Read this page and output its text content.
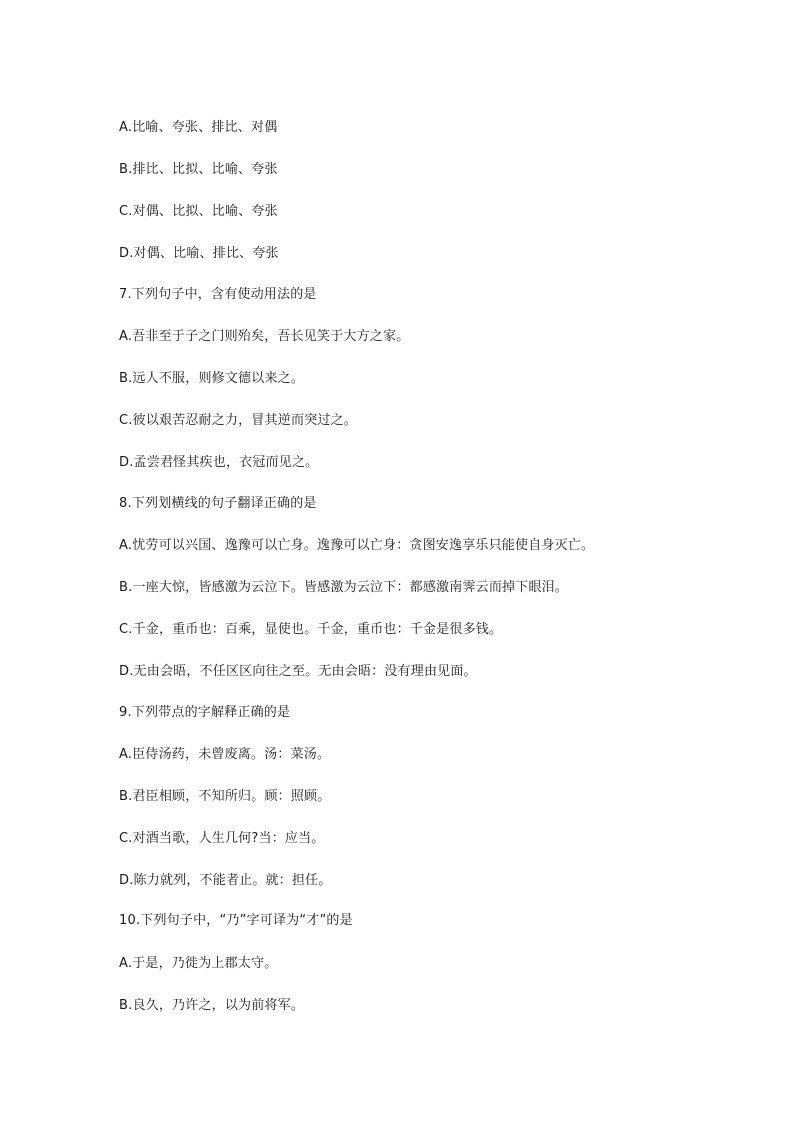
A.比喻、夸张、排比、对偶
B.排比、比拟、比喻、夸张
C.对偶、比拟、比喻、夸张
D.对偶、比喻、排比、夸张
7.下列句子中，含有使动用法的是
A.吾非至于子之门则殆矣，吾长见笑于大方之家。
B.远人不服，则修文德以来之。
C.彼以艰苦忍耐之力，冒其逆而突过之。
D.孟尝君怪其疾也，衣冠而见之。
8.下列划横线的句子翻译正确的是
A.忧劳可以兴国、逸豫可以亡身。逸豫可以亡身：贪图安逸享乐只能使自身灭亡。
B.一座大惊，皆感激为云泣下。皆感激为云泣下：都感激南霁云而掉下眼泪。
C.千金，重币也：百乘，显使也。千金，重币也：千金是很多钱。
D.无由会晤，不任区区向往之至。无由会晤：没有理由见面。
9.下列带点的字解释正确的是
A.臣侍汤药，未曾废离。汤：菜汤。
B.君臣相顾，不知所归。顾：照顾。
C.对酒当歌，人生几何?当：应当。
D.陈力就列，不能者止。就：担任。
10.下列句子中，“乃”字可译为“才”的是
A.于是，乃徙为上郡太守。
B.良久，乃许之，以为前将军。
